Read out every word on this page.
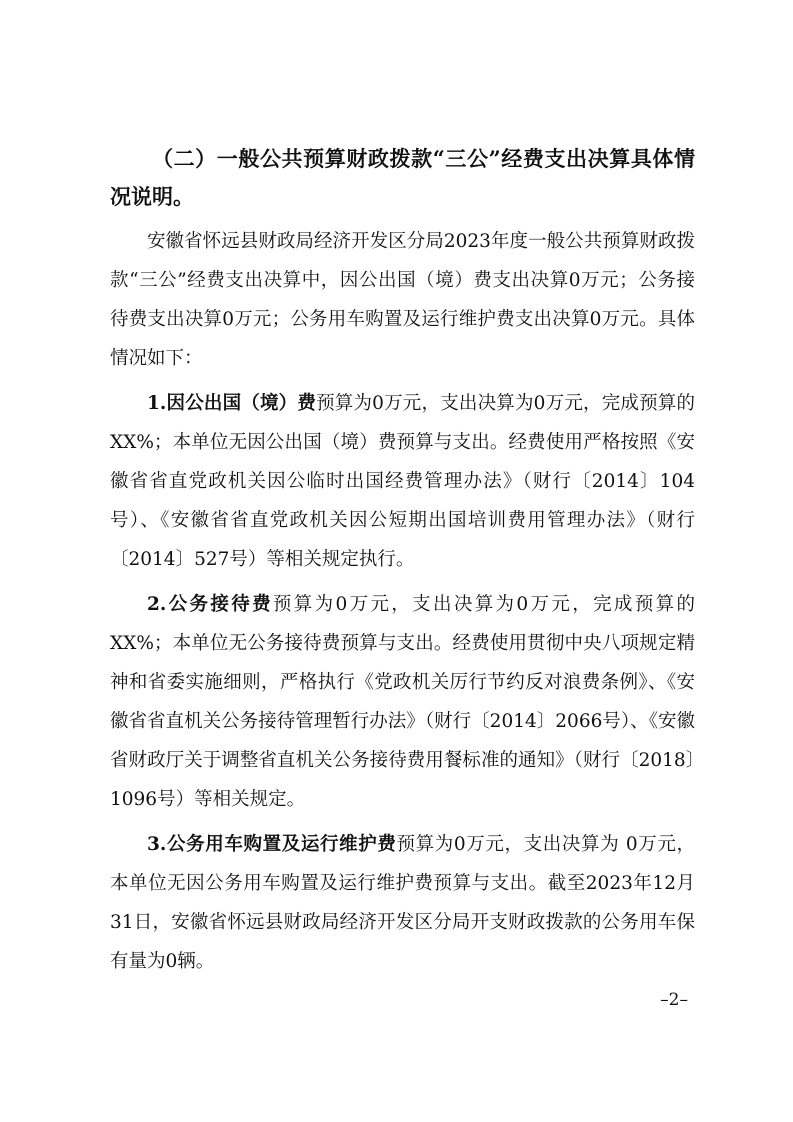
（二）一般公共预算财政拨款“三公”经费支出决算具体情况说明。

安徽省怀远县财政局经济开发区分局2023年度一般公共预算财政拨款“三公”经费支出决算中，因公出国（境）费支出决算0万元；公务接待费支出决算0万元；公务用车购置及运行维护费支出决算0万元。具体情况如下：

1.因公出国（境）费预算为0万元，支出决算为0万元，完成预算的XX%；本单位无因公出国（境）费预算与支出。经费使用严格按照《安徽省省直党政机关因公临时出国经费管理办法》（财行〔2014〕104号）、《安徽省省直党政机关因公短期出国培训费用管理办法》（财行〔2014〕527号）等相关规定执行。

2.公务接待费预算为0万元，支出决算为0万元，完成预算的XX%；本单位无公务接待费预算与支出。经费使用贯彻中央八项规定精神和省委实施细则，严格执行《党政机关厉行节约反对浪费条例》、《安徽省省直机关公务接待管理暂行办法》（财行〔2014〕2066号）、《安徽省财政厅关于调整省直机关公务接待费用餐标准的通知》（财行〔2018〕1096号）等相关规定。

3.公务用车购置及运行维护费预算为0万元，支出决算为 0万元，本单位无因公务用车购置及运行维护费预算与支出。截至2023年12月31日，安徽省怀远县财政局经济开发区分局开支财政拨款的公务用车保有量为0辆。

–2–
